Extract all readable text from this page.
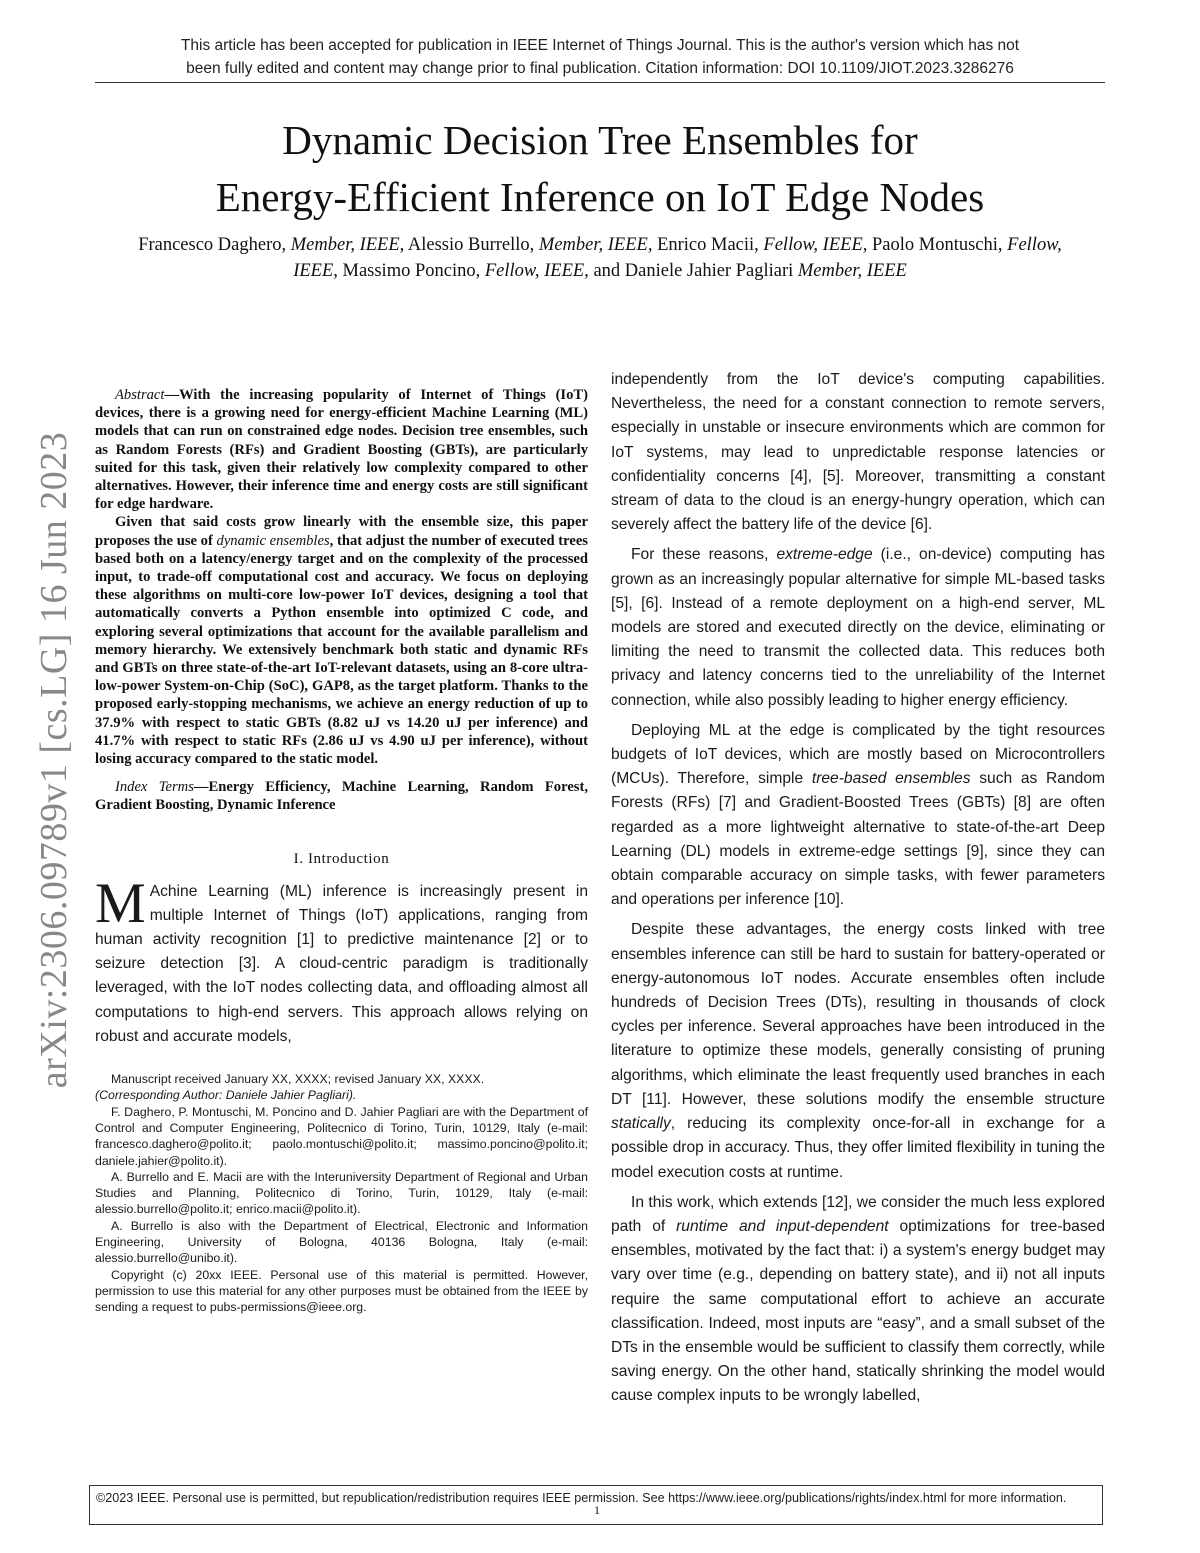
This article has been accepted for publication in IEEE Internet of Things Journal. This is the author's version which has not
been fully edited and content may change prior to final publication. Citation information: DOI 10.1109/JIOT.2023.3286276
Dynamic Decision Tree Ensembles for
Energy-Efficient Inference on IoT Edge Nodes
Francesco Daghero, Member, IEEE, Alessio Burrello, Member, IEEE, Enrico Macii, Fellow, IEEE, Paolo Montuschi, Fellow, IEEE, Massimo Poncino, Fellow, IEEE, and Daniele Jahier Pagliari Member, IEEE
arXiv:2306.09789v1 [cs.LG] 16 Jun 2023

Abstract—With the increasing popularity of Internet of Things (IoT) devices, there is a growing need for energy-efficient Machine Learning (ML) models that can run on constrained edge nodes. Decision tree ensembles, such as Random Forests (RFs) and Gradient Boosting (GBTs), are particularly suited for this task, given their relatively low complexity compared to other alternatives. However, their inference time and energy costs are still significant for edge hardware.

Given that said costs grow linearly with the ensemble size, this paper proposes the use of dynamic ensembles, that adjust the number of executed trees based both on a latency/energy target and on the complexity of the processed input, to trade-off computational cost and accuracy. We focus on deploying these algorithms on multi-core low-power IoT devices, designing a tool that automatically converts a Python ensemble into optimized C code, and exploring several optimizations that account for the available parallelism and memory hierarchy. We extensively benchmark both static and dynamic RFs and GBTs on three state-of-the-art IoT-relevant datasets, using an 8-core ultra-low-power System-on-Chip (SoC), GAP8, as the target platform. Thanks to the proposed early-stopping mechanisms, we achieve an energy reduction of up to 37.9% with respect to static GBTs (8.82 uJ vs 14.20 uJ per inference) and 41.7% with respect to static RFs (2.86 uJ vs 4.90 uJ per inference), without losing accuracy compared to the static model.

Index Terms—Energy Efficiency, Machine Learning, Random Forest, Gradient Boosting, Dynamic Inference

I. Introduction

M Achine Learning (ML) inference is increasingly present in multiple Internet of Things (IoT) applications, ranging from human activity recognition [1] to predictive maintenance [2] or to seizure detection [3]. A cloud-centric paradigm is traditionally leveraged, with the IoT nodes collecting data, and offloading almost all computations to high-end servers. This approach allows relying on robust and accurate models,

Manuscript received January XX, XXXX; revised January XX, XXXX.
(Corresponding Author: Daniele Jahier Pagliari).

F. Daghero, P. Montuschi, M. Poncino and D. Jahier Pagliari are with the Department of Control and Computer Engineering, Politecnico di Torino, Turin, 10129, Italy (e-mail: francesco.daghero@polito.it; paolo.montuschi@polito.it; massimo.poncino@polito.it; daniele.jahier@polito.it).

A. Burrello and E. Macii are with the Interuniversity Department of Regional and Urban Studies and Planning, Politecnico di Torino, Turin, 10129, Italy (e-mail: alessio.burrello@polito.it; enrico.macii@polito.it).

A. Burrello is also with the Department of Electrical, Electronic and Information Engineering, University of Bologna, 40136 Bologna, Italy (e-mail: alessio.burrello@unibo.it).

Copyright (c) 20xx IEEE. Personal use of this material is permitted. However, permission to use this material for any other purposes must be obtained from the IEEE by sending a request to pubs-permissions@ieee.org.

independently from the IoT device's computing capabilities. Nevertheless, the need for a constant connection to remote servers, especially in unstable or insecure environments which are common for IoT systems, may lead to unpredictable response latencies or confidentiality concerns [4], [5]. Moreover, transmitting a constant stream of data to the cloud is an energy-hungry operation, which can severely affect the battery life of the device [6].

For these reasons, extreme-edge (i.e., on-device) computing has grown as an increasingly popular alternative for simple ML-based tasks [5], [6]. Instead of a remote deployment on a high-end server, ML models are stored and executed directly on the device, eliminating or limiting the need to transmit the collected data. This reduces both privacy and latency concerns tied to the unreliability of the Internet connection, while also possibly leading to higher energy efficiency.

Deploying ML at the edge is complicated by the tight resources budgets of IoT devices, which are mostly based on Microcontrollers (MCUs). Therefore, simple tree-based ensembles such as Random Forests (RFs) [7] and Gradient-Boosted Trees (GBTs) [8] are often regarded as a more lightweight alternative to state-of-the-art Deep Learning (DL) models in extreme-edge settings [9], since they can obtain comparable accuracy on simple tasks, with fewer parameters and operations per inference [10].

Despite these advantages, the energy costs linked with tree ensembles inference can still be hard to sustain for battery-operated or energy-autonomous IoT nodes. Accurate ensembles often include hundreds of Decision Trees (DTs), resulting in thousands of clock cycles per inference. Several approaches have been introduced in the literature to optimize these models, generally consisting of pruning algorithms, which eliminate the least frequently used branches in each DT [11]. However, these solutions modify the ensemble structure statically, reducing its complexity once-for-all in exchange for a possible drop in accuracy. Thus, they offer limited flexibility in tuning the model execution costs at runtime.

In this work, which extends [12], we consider the much less explored path of runtime and input-dependent optimizations for tree-based ensembles, motivated by the fact that: i) a system's energy budget may vary over time (e.g., depending on battery state), and ii) not all inputs require the same computational effort to achieve an accurate classification. Indeed, most inputs are “easy”, and a small subset of the DTs in the ensemble would be sufficient to classify them correctly, while saving energy. On the other hand, statically shrinking the model would cause complex inputs to be wrongly labelled,

©2023 IEEE. Personal use is permitted, but republication/redistribution requires IEEE permission. See https://www.ieee.org/publications/rights/index.html for more information.
1
